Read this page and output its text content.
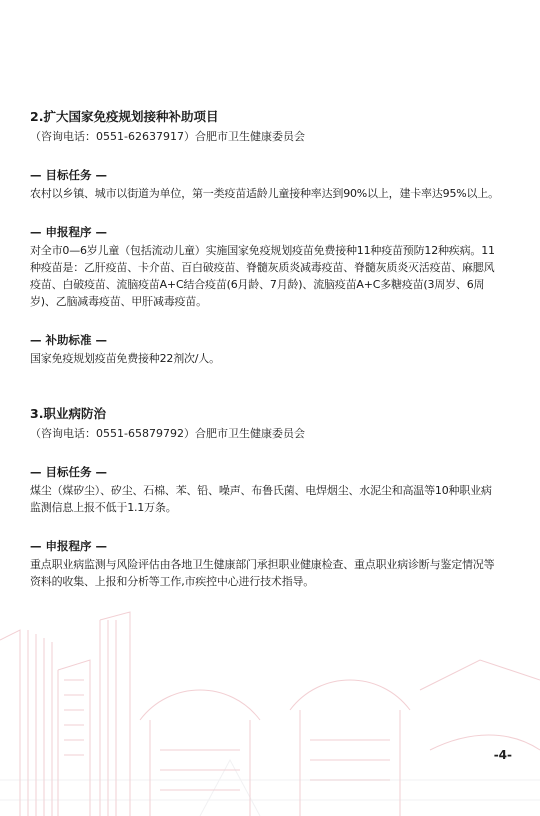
2.扩大国家免疫规划接种补助项目

（咨询电话：0551-62637917）合肥市卫生健康委员会

— 目标任务 —

农村以乡镇、城市以街道为单位，第一类疫苗适龄儿童接种率达到90%以上，建卡率达95%以上。

— 申报程序 —

对全市0—6岁儿童（包括流动儿童）实施国家免疫规划疫苗免费接种11种疫苗预防12种疾病。11种疫苗是：乙肝疫苗、卡介苗、百白破疫苗、脊髓灰质炎减毒疫苗、脊髓灰质炎灭活疫苗、麻腮风疫苗、白破疫苗、流脑疫苗A+C结合疫苗(6月龄、7月龄)、流脑疫苗A+C多糖疫苗(3周岁、6周岁)、乙脑减毒疫苗、甲肝减毒疫苗。

— 补助标准 —

国家免疫规划疫苗免费接种22剂次/人。

3.职业病防治

（咨询电话：0551-65879792）合肥市卫生健康委员会

— 目标任务 —

煤尘（煤矽尘）、矽尘、石棉、苯、铅、噪声、布鲁氏菌、电焊烟尘、水泥尘和高温等10种职业病监测信息上报不低于1.1万条。

— 申报程序 —

重点职业病监测与风险评估由各地卫生健康部门承担职业健康检查、重点职业病诊断与鉴定情况等资料的收集、上报和分析等工作,市疾控中心进行技术指导。

-4-
